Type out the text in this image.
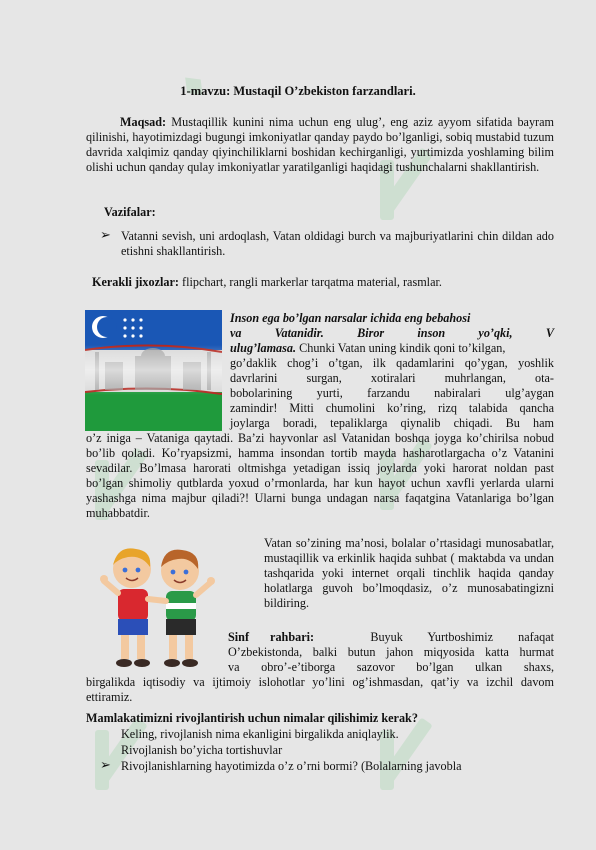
♦
1-mavzu: Mustaqil O’zbekiston farzandlari.
Maqsad: Mustaqillik kunini nima uchun eng ulug’, eng aziz ayyom sifatida bayram qilinishi, hayotimizdagi bugungi imkoniyatlar qanday paydo bo’lganligi, sobiq mustabid tuzum davrida xalqimiz qanday qiyinchiliklarni boshidan kechirganligi, yurtimizda yoshlaming bilim olishi uchun qanday qulay imkoniyatlar yaratilganligi haqidagi tushunchalarni shakllantirish.
Vazifalar:
➢ Vatanni sevish, uni ardoqlash, Vatan oldidagi burch va majburiyatlarini chin dildan ado etishni shakllantirish.
Kerakli jixozlar: flipchart, rangli markerlar tarqatma material, rasmlar.
Inson ega bo’lgan narsalar ichida eng bebahosi
va	Vatanidir.	Biror	inson	yo’qki,	V
ulug’lamasa. Chunki Vatan uning kindik qoni to’kilgan,
go’daklik chog’i o’tgan, ilk qadamlarini qo’ygan, yoshlik
davrlarini surgan, xotiralari muhrlangan, ota-
bobolarining yurti, farzandu nabiralari ulg’aygan
zamindir! Mitti chumolini ko’ring, rizq talabida qancha
joylarga boradi, tepaliklarga qiynalib chiqadi. Bu ham
o’z iniga – Vataniga qaytadi. Ba’zi hayvonlar asl Vatanidan boshqa joyga ko’chirilsa nobud bo’lib qoladi. Ko’ryapsizmi, hamma insondan tortib mayda hasharotlargacha o’z Vatanini sevadilar. Bo’lmasa harorati oltmishga yetadigan issiq joylarda yoki harorat noldan past bo’lgan shimoliy qutblarda yoxud o’rmonlarda, har kun hayot uchun xavfli yerlarda ularni yashashga nima majbur qiladi?! Ularni bunga undagan narsa faqatgina Vatanlariga bo’lgan muhabbatdir.
Vatan so’zining ma’nosi, bolalar o’rtasidagi munosabatlar, mustaqillik va erkinlik haqida suhbat ( maktabda va undan tashqarida yoki internet orqali tinchlik haqida qanday holatlarga guvoh bo’lmoqdasiz, o’z munosabatingizni bildiring.
Sinf rahbari:	Buyuk Yurtboshimiz nafaqat
O’zbekistonda, balki butun jahon miqyosida katta hurmat
va obro’-e’tiborga sazovor bo’lgan ulkan shaxs,
birgalikda iqtisodiy va ijtimoiy islohotlar yo’lini og’ishmasdan, qat’iy va izchil davom ettiramiz.
Mamlakatimizni rivojlantirish uchun nimalar qilishimiz kerak?
Keling, rivojlanish nima ekanligini birgalikda aniqlaylik.
Rivojlanish bo’yicha tortishuvlar
➢ Rivojlanishlarning hayotimizda o’z o’rni bormi? (Bolalarning javobla
